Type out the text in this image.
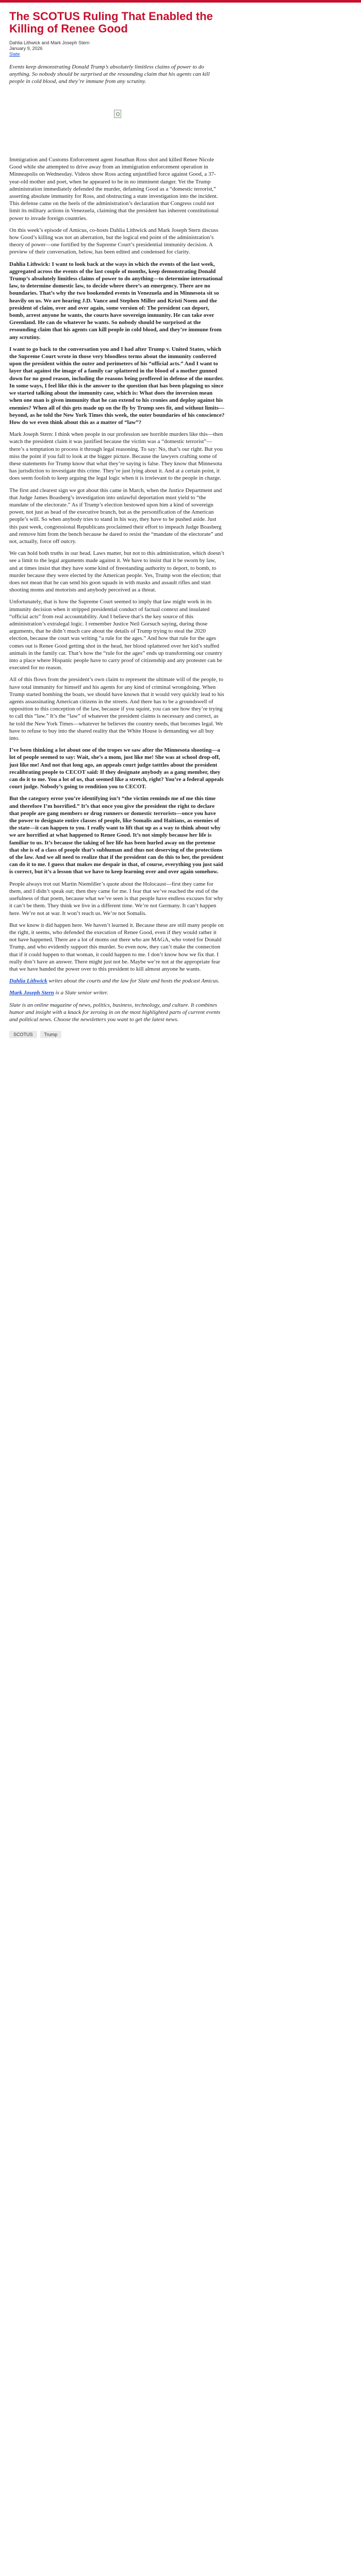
The SCOTUS Ruling That Enabled the Killing of Renee Good
Dahlia Lithwick and Mark Joseph Stern
January 9, 2026
Slate
Events keep demonstrating Donald Trump’s absolutely limitless claims of power to do anything. So nobody should be surprised at the resounding claim that his agents can kill people in cold blood, and they’re immune from any scrutiny.

Immigration and Customs Enforcement agent Jonathan Ross shot and killed Renee Nicole Good while she attempted to drive away from an immigration enforcement operation in Minneapolis on Wednesday. Videos show Ross acting unjustified force against Good, a 37-year-old mother and poet, when he appeared to be in no imminent danger. Yet the Trump administration immediately defended the murder, defaming Good as a “domestic terrorist,” asserting absolute immunity for Ross, and obstructing a state investigation into the incident. This defense came on the heels of the administration’s declaration that Congress could not limit its military actions in Venezuela, claiming that the president has inherent constitutional power to invade foreign countries.

On this week’s episode of Amicus, co-hosts Dahlia Lithwick and Mark Joseph Stern discuss how Good’s killing was not an aberration, but the logical end point of the administration’s theory of power—one fortified by the Supreme Court’s presidential immunity decision. A preview of their conversation, below, has been edited and condensed for clarity.

Dahlia Lithwick: I want to look back at the ways in which the events of the last week, aggregated across the events of the last couple of months, keep demonstrating Donald Trump’s absolutely limitless claims of power to do anything—to determine international law, to determine domestic law, to decide where there’s an emergency. There are no boundaries. That’s why the two bookended events in Venezuela and in Minnesota sit so heavily on us. We are hearing J.D. Vance and Stephen Miller and Kristi Noem and the president of claim, over and over again, some version of: The president can deport, bomb, arrest anyone he wants, the courts have sovereign immunity. He can take over Greenland. He can do whatever he wants. So nobody should be surprised at the resounding claim that his agents can kill people in cold blood, and they’re immune from any scrutiny.

I want to go back to the conversation you and I had after Trump v. United States, which the Supreme Court wrote in those very bloodless terms about the immunity conferred upon the president within the outer and perimeters of his “official acts.” And I want to layer that against the image of a family car splattered in the blood of a mother gunned down for no good reason, including the reasons being proffered in defense of the murder. In some ways, I feel like this is the answer to the question that has been plaguing us since we started talking about the immunity case, which is: What does the inversion mean when one man is given immunity that he can extend to his cronies and deploy against his enemies? When all of this gets made up on the fly by Trump sees fit, and without limits—beyond, as he told the New York Times this week, the outer boundaries of his conscience? How do we even think about this as a matter of “law”?

Mark Joseph Stern: I think when people in our profession see horrible murders like this—then watch the president claim it was justified because the victim was a “domestic terrorist”—there’s a temptation to process it through legal reasoning. To say: No, that’s our right. But you miss the point if you fall to look at the bigger picture. Because the lawyers crafting some of these statements for Trump know that what they’re saying is false. They know that Minnesota has jurisdiction to investigate this crime. They’re just lying about it. And at a certain point, it does seem foolish to keep arguing the legal logic when it is irrelevant to the people in charge.

The first and clearest sign we got about this came in March, when the Justice Department and that Judge James Boasberg’s investigation into unlawful deportation must yield to “the mandate of the electorate.” As if Trump’s election bestowed upon him a kind of sovereign power, not just as head of the executive branch, but as the personification of the American people’s will. So when anybody tries to stand in his way, they have to be pushed aside. Just this past week, congressional Republicans proclaimed their effort to impeach Judge Boasberg and remove him from the bench because he dared to resist the “mandate of the electorate” and not, actually, force off outcry.

We can hold both truths in our head. Laws matter, but not to this administration, which doesn’t see a limit to the legal arguments made against it. We have to insist that it be sworn by law, and at times insist that they have some kind of freestanding authority to deport, to bomb, to murder because they were elected by the American people. Yes, Trump won the election; that does not mean that he can send his goon squads in with masks and assault rifles and start shooting moms and motorists and anybody perceived as a threat.

Unfortunately, that is how the Supreme Court seemed to imply that law might work in its immunity decision when it stripped presidential conduct of factual context and insulated “official acts” from real accountability. And I believe that’s the key source of this administration’s extralegal logic. I remember Justice Neil Gorsuch saying, during those arguments, that he didn’t much care about the details of Trump trying to steal the 2020 election, because the court was writing “a rule for the ages.” And how that rule for the ages comes out is Renee Good getting shot in the head, her blood splattered over her kid’s stuffed animals in the family car. That’s how the “rule for the ages” ends up transforming our country into a place where Hispanic people have to carry proof of citizenship and any protester can be executed for no reason.

All of this flows from the president’s own claim to represent the ultimate will of the people, to have total immunity for himself and his agents for any kind of criminal wrongdoing. When Trump started bombing the boats, we should have known that it would very quickly lead to his agents assassinating American citizens in the streets. And there has to be a groundswell of opposition to this conception of the law, because if you squint, you can see how they’re trying to call this “law.” It’s the “law” of whatever the president claims is necessary and correct, as he told the New York Times—whatever he believes the country needs, that becomes legal. We have to refuse to buy into the shared reality that the White House is demanding we all buy into.

I’ve been thinking a lot about one of the tropes we saw after the Minnesota shooting—a lot of people seemed to say: Wait, she’s a mom, just like me! She was at school drop-off, just like me! And not that long ago, an appeals court judge tatttles about the president recalibrating people to CECOT said: If they designate anybody as a gang member, they can do it to me. You a lot of us, that seemed like a stretch, right? You’re a federal appeals court judge. Nobody’s going to rendition you to CECOT.

But the category error you’re identifying isn’t “the victim reminds me of me this time and therefore I’m horrified.” It’s that once you give the president the right to declare that people are gang members or drug runners or domestic terrorists—once you have the power to designate entire classes of people, like Somalis and Haitians, as enemies of the state—it can happen to you. I really want to lift that up as a way to think about why we are horrified at what happened to Renee Good. It’s not simply because her life is familiar to us. It’s because the taking of her life has been hurled away on the pretense that she is of a class of people that’s subhuman and thus not deserving of the protections of the law. And we all need to realize that if the president can do this to her, the president can do it to me. I guess that makes me despair in that, of course, everything you just said is correct, but it’s a lesson that we have to keep learning over and over again somehow.

People always trot out Martin Niemöller’s quote about the Holocaust—first they came for them, and I didn’t speak out; then they came for me. I fear that we’ve reached the end of the usefulness of that poem, because what we’ve seen is that people have endless excuses for why it can’t be them. They think we live in a different time. We’re not Germany. It can’t happen here. We’re not at war. It won’t reach us. We’re not Somalis.

But we know it did happen here. We haven’t learned it. Because these are still many people on the right, it seems, who defended the execution of Renee Good, even if they would rather it not have happened. There are a lot of moms out there who are MAGA, who voted for Donald Trump, and who evidently support this murder. So even now, they can’t make the connection that if it could happen to that woman, it could happen to me. I don’t know how we fix that. I really don’t have an answer. There might just not be. Maybe we’re not at the appropriate fear that we have handed the power over to this president to kill almost anyone he wants.

Dahlia Lithwick writes about the courts and the law for Slate and hosts the podcast Amicus.

Mark Joseph Stern is a Slate senior writer.

Slate is an online magazine of news, politics, business, technology, and culture. It combines humor and insight with a knack for zeroing in on the most highlighted parts of current events and political news. Choose the newsletters you want to get the latest news.

SCOTUS Trump
